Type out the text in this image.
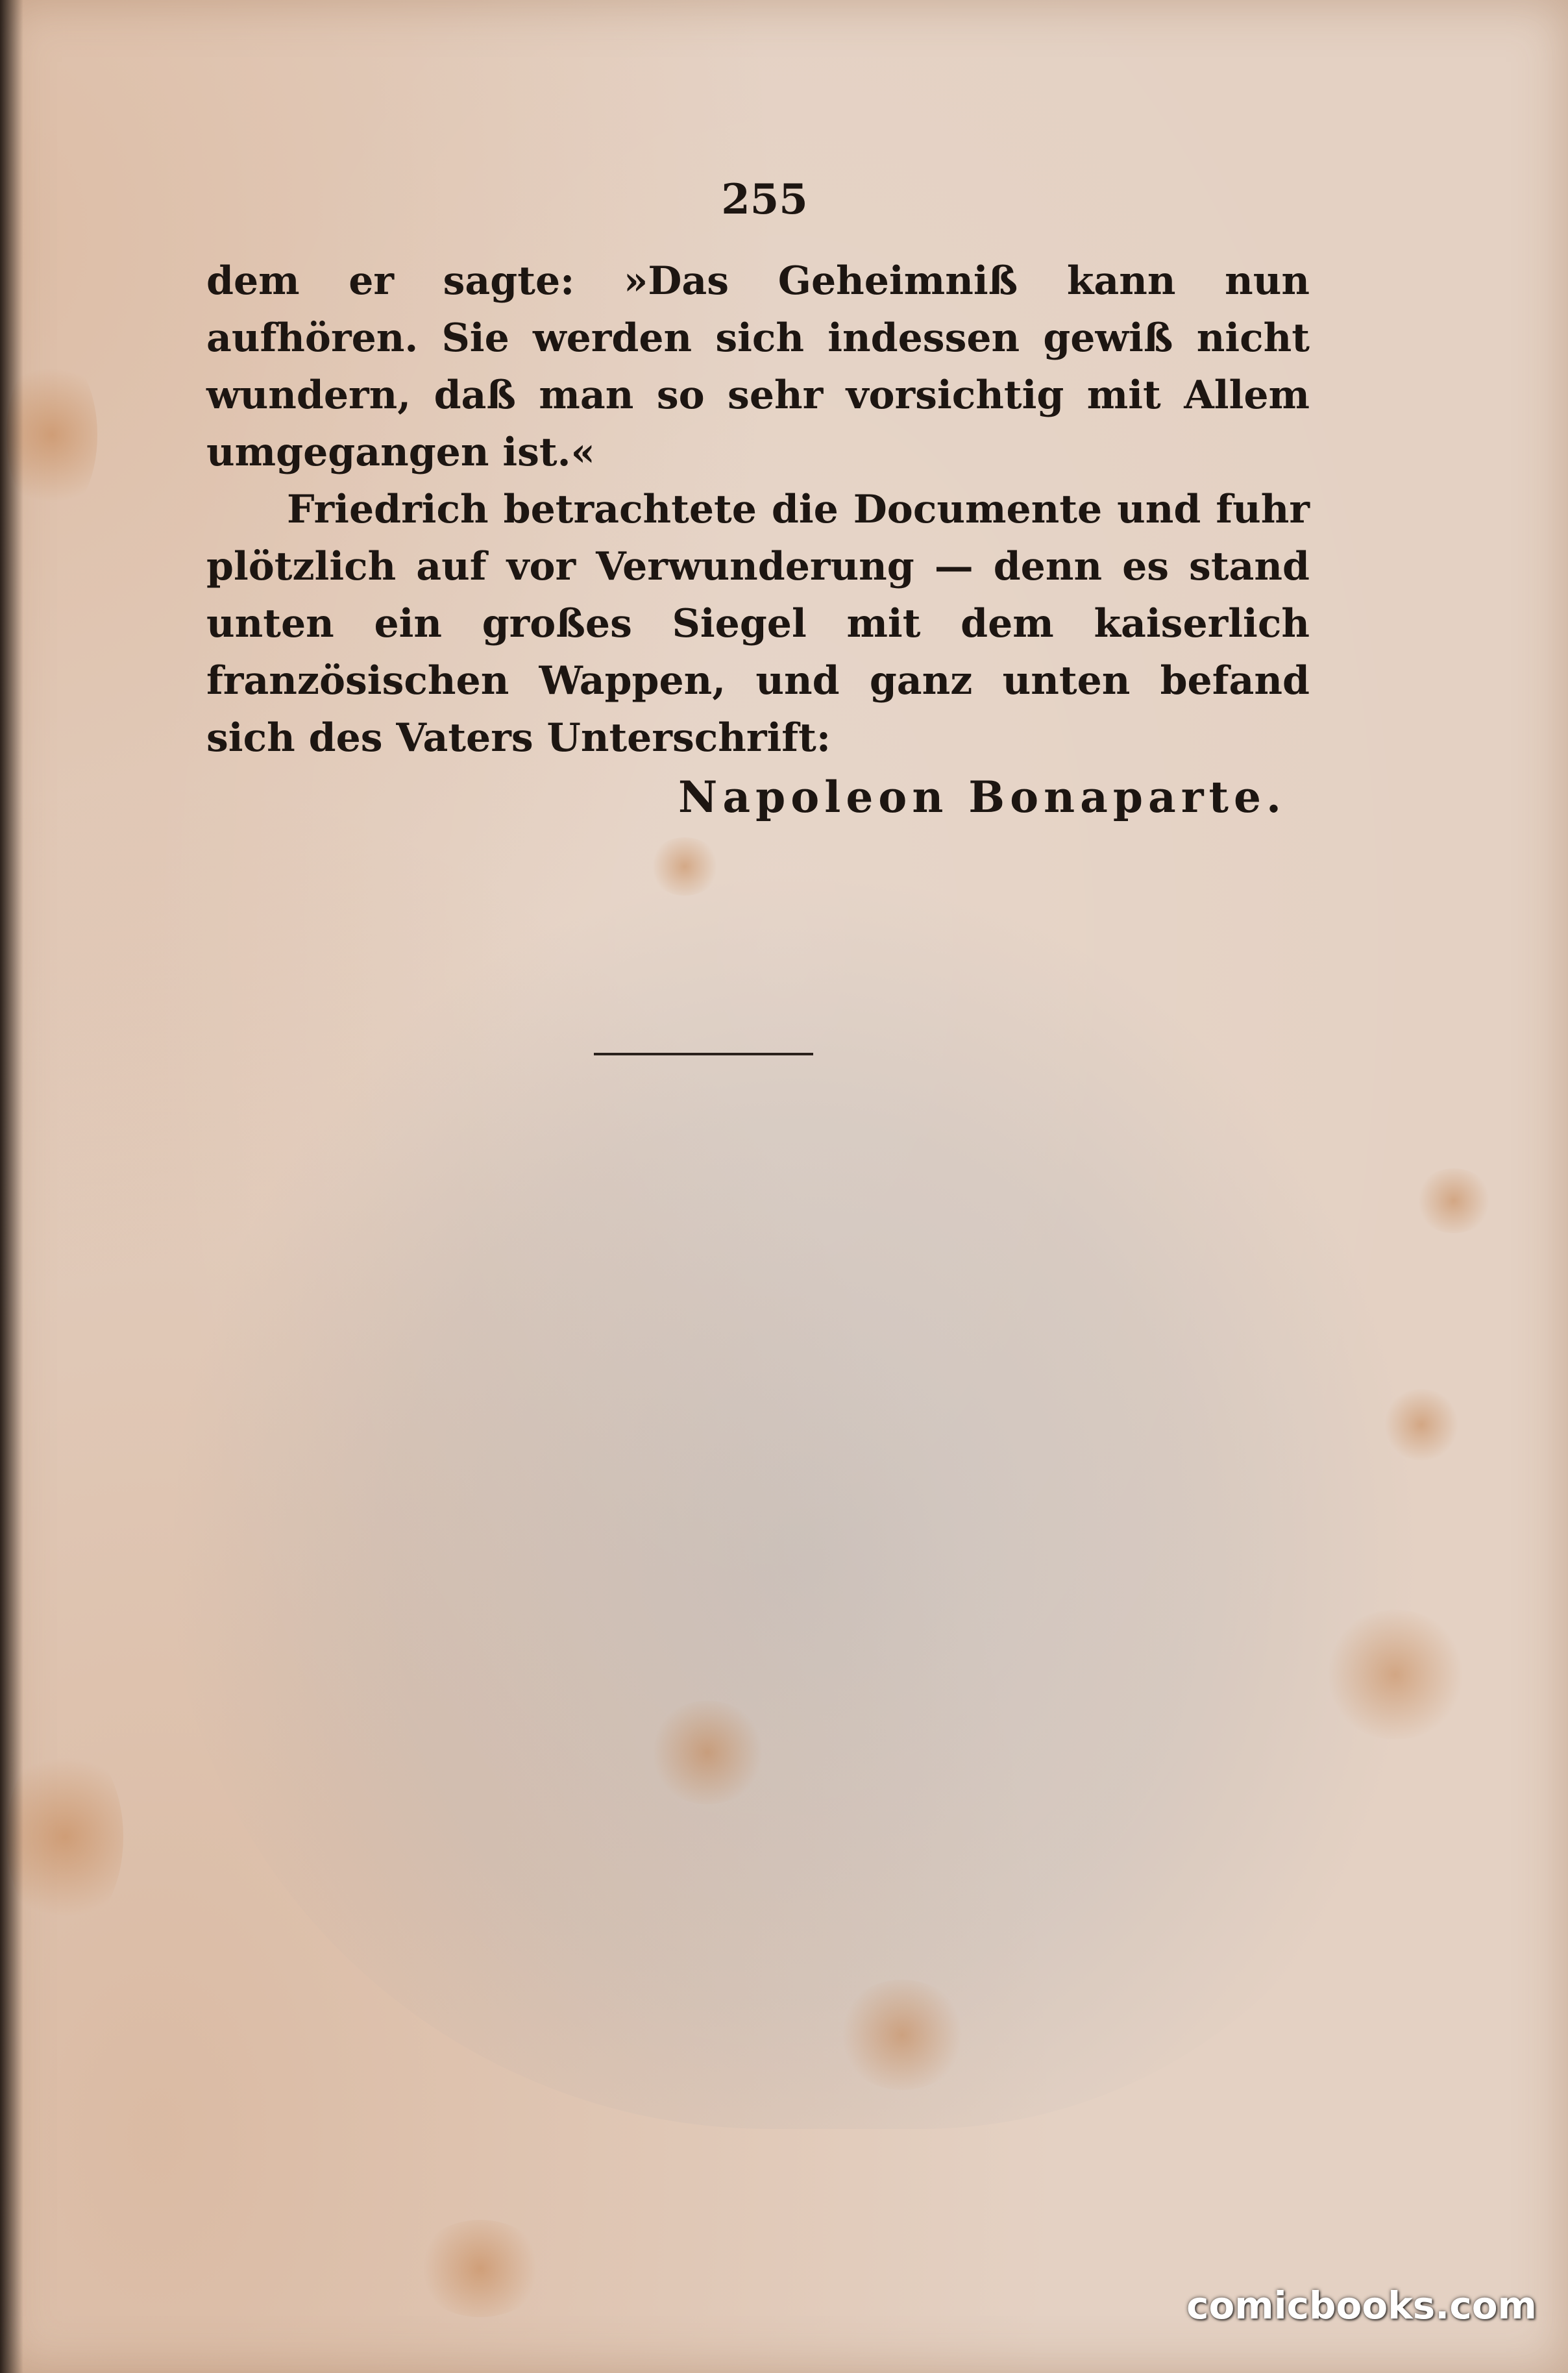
255

dem er sagte: »Das Geheimniß kann nun aufhören. Sie werden sich indessen gewiß nicht wundern, daß man so sehr vorsichtig mit Allem umgegangen ist.«

Friedrich betrachtete die Documente und fuhr plötzlich auf vor Verwunderung — denn es stand unten ein großes Siegel mit dem kaiserlich französischen Wappen, und ganz unten befand sich des Vaters Unterschrift:

Napoleon Bonaparte.
comicbooks.com
